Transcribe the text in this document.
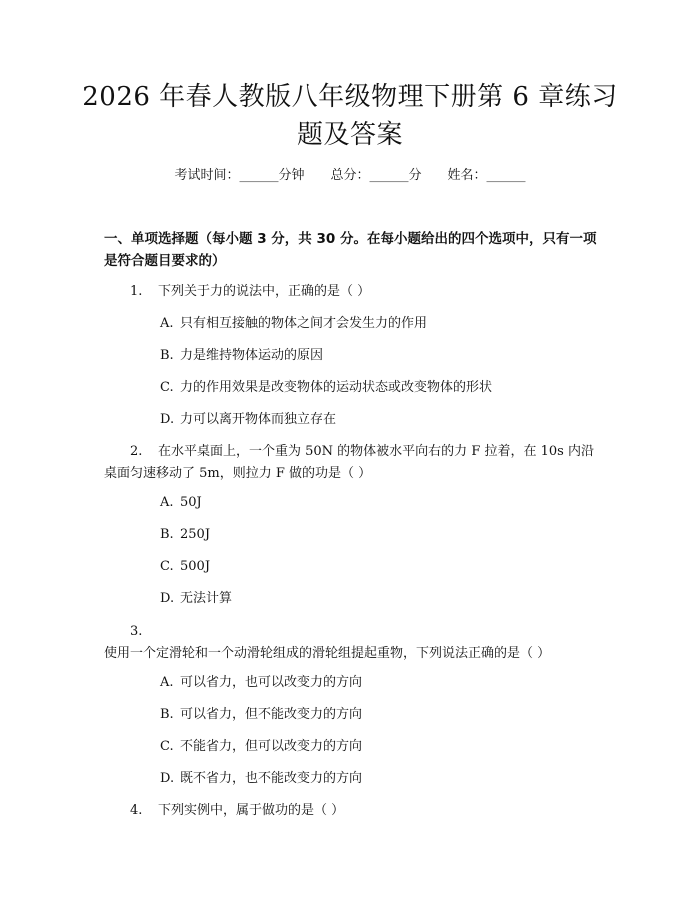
2026 年春人教版八年级物理下册第 6 章练习题及答案
考试时间：______分钟 总分：______分 姓名：______
一、单项选择题（每小题 3 分，共 30 分。在每小题给出的四个选项中，只有一项是符合题目要求的）
1. 下列关于力的说法中，正确的是（ ）
A. 只有相互接触的物体之间才会发生力的作用
B. 力是维持物体运动的原因
C. 力的作用效果是改变物体的运动状态或改变物体的形状
D. 力可以离开物体而独立存在
2. 在水平桌面上，一个重为 50N 的物体被水平向右的力 F 拉着，在 10s 内沿桌面匀速移动了 5m，则拉力 F 做的功是（ ）
A. 50J
B. 250J
C. 500J
D. 无法计算
3.使用一个定滑轮和一个动滑轮组成的滑轮组提起重物，下列说法正确的是（ ）
A. 可以省力，也可以改变力的方向
B. 可以省力，但不能改变力的方向
C. 不能省力，但可以改变力的方向
D. 既不省力，也不能改变力的方向
4. 下列实例中，属于做功的是（ ）
